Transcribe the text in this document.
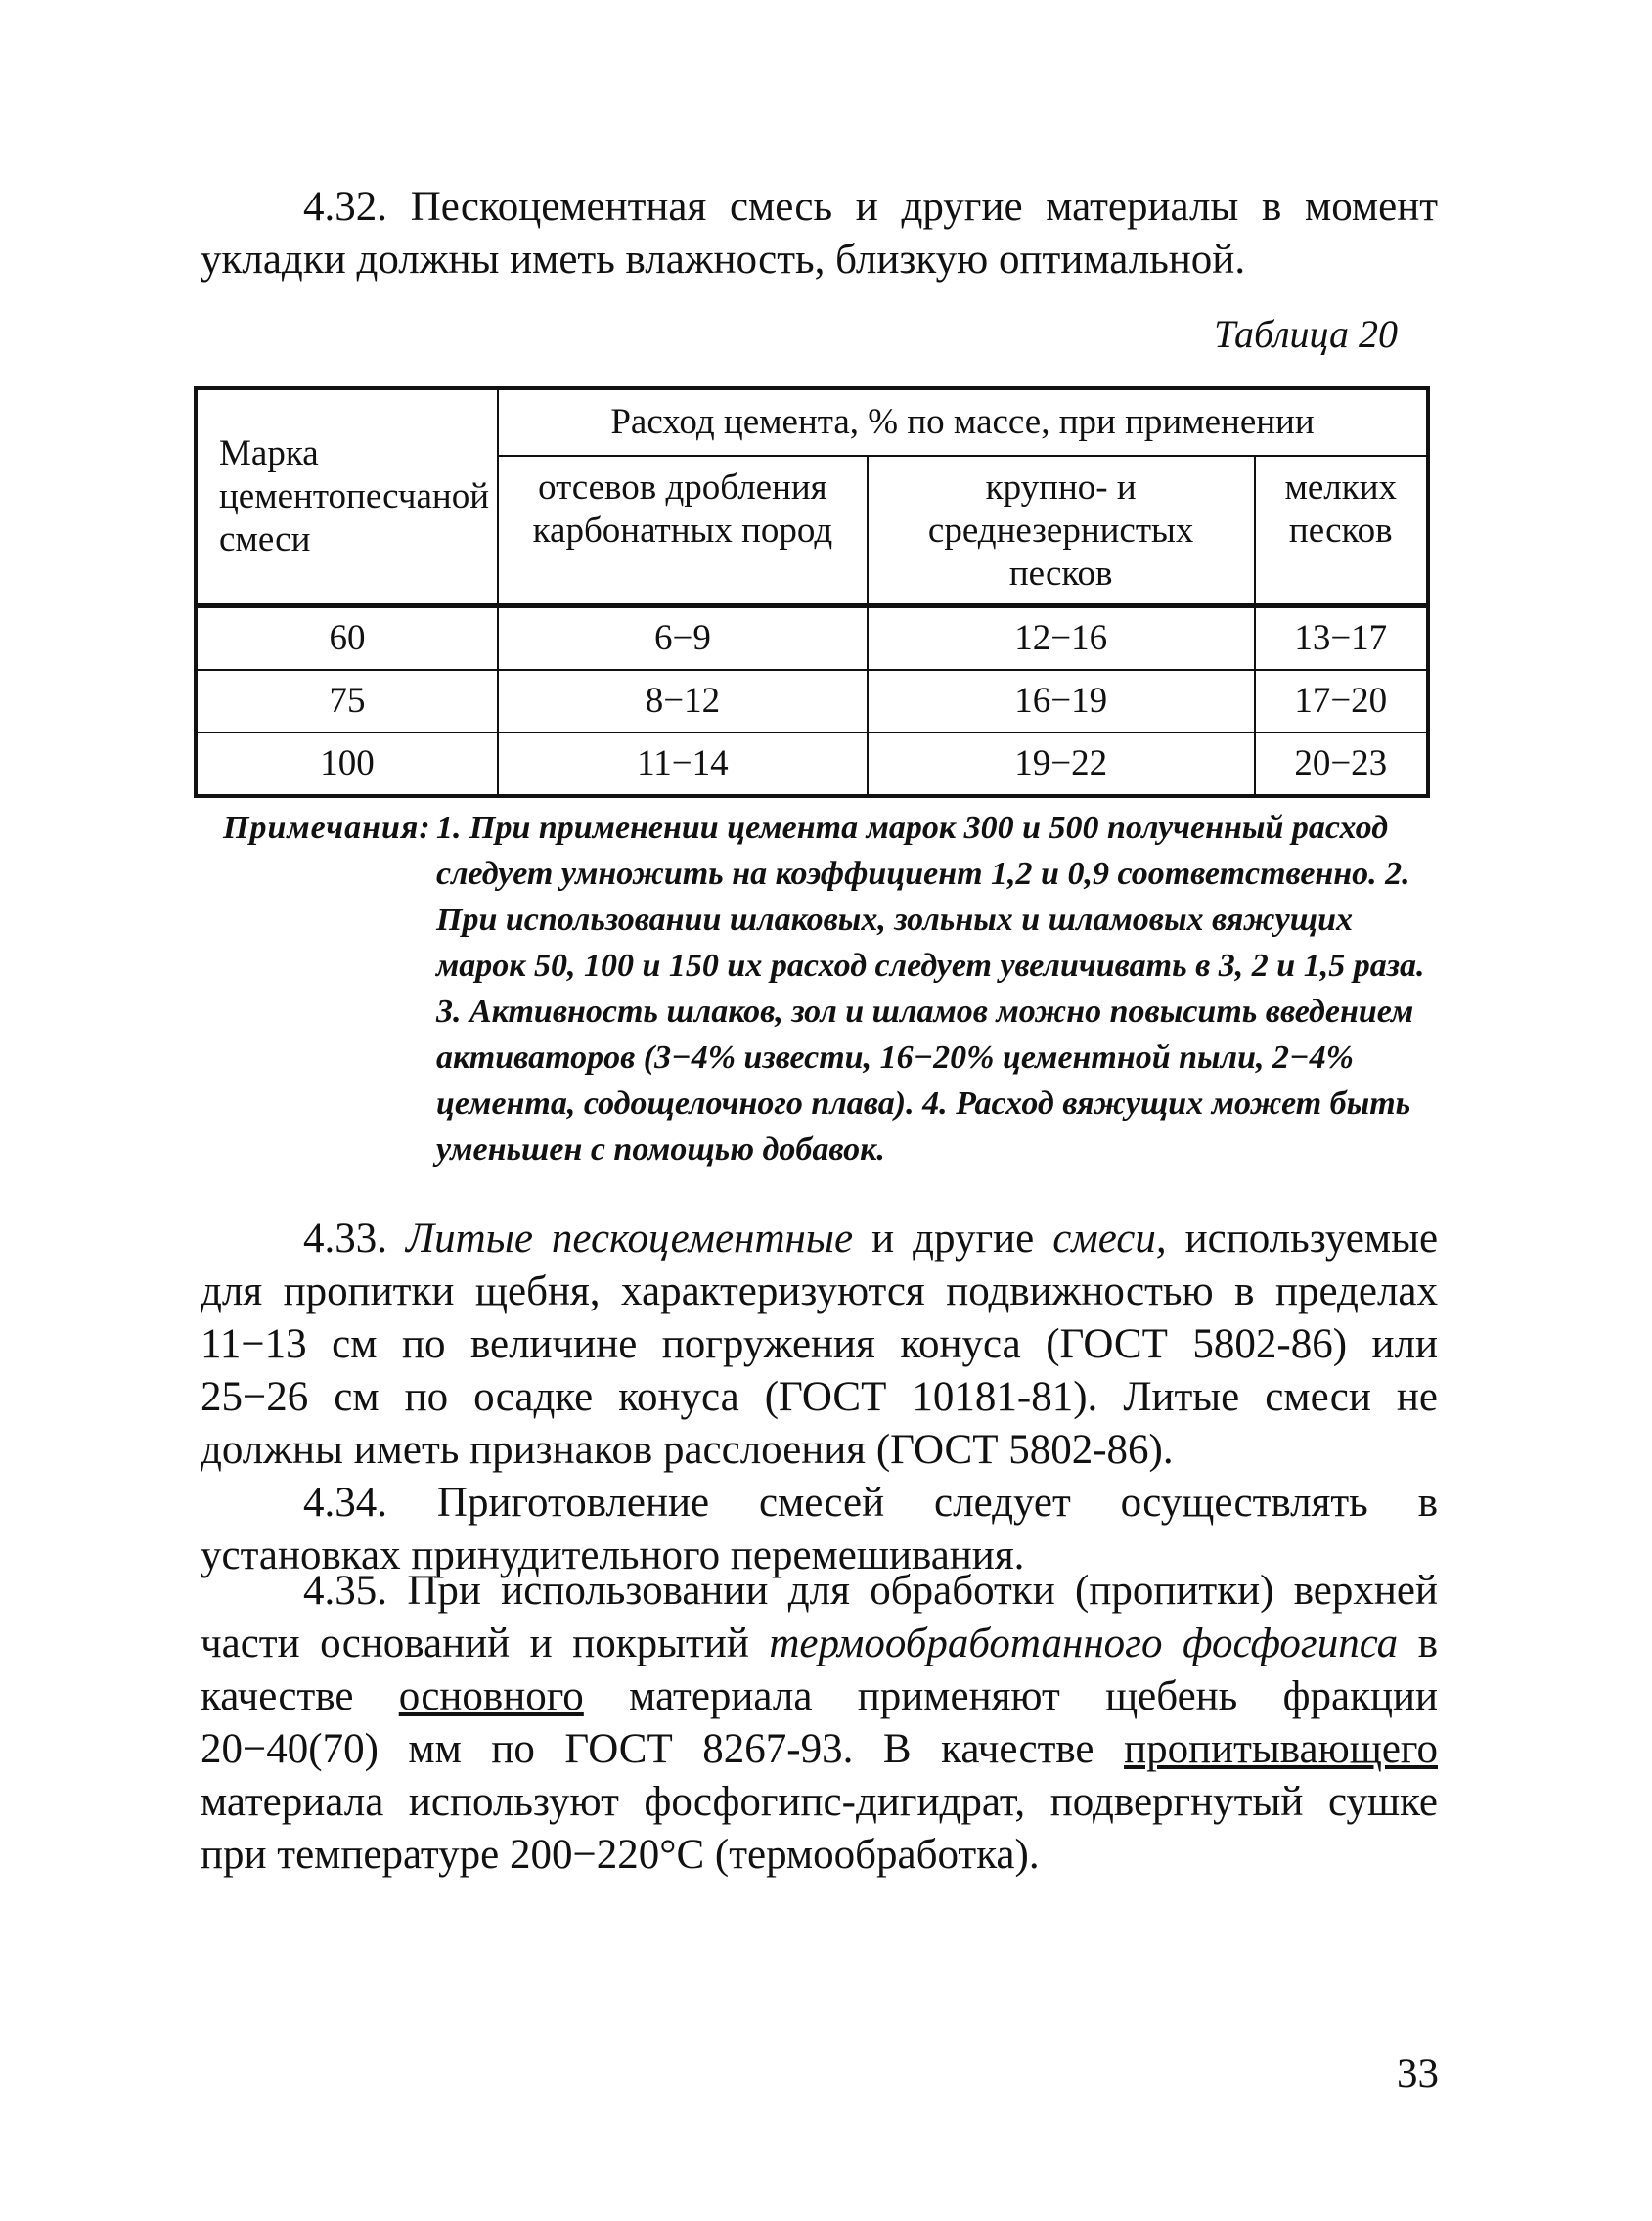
4.32. Пескоцементная смесь и другие материалы в момент укладки должны иметь влажность, близкую оптимальной.

Таблица 20

Марка цементопесчаной смеси	Расход цемента, % по массе, при применении		
	отсевов дробления карбонатных пород	крупно- и среднезернистых песков	мелких песков
60	6−9	12−16	13−17
75	8−12	16−19	17−20
100	11−14	19−22	20−23
Примечания: 1. При применении цемента марок 300 и 500 полученный расход следует умножить на коэффициент 1,2 и 0,9 соответственно. 2. При использовании шлаковых, зольных и шламовых вяжущих марок 50, 100 и 150 их расход следует увеличивать в 3, 2 и 1,5 раза. 3. Активность шлаков, зол и шламов можно повысить введением активаторов (3−4% извести, 16−20% цементной пыли, 2−4% цемента, содощелочного плава). 4. Расход вяжущих может быть уменьшен с помощью добавок.

4.33. Литые пескоцементные и другие смеси, используемые для пропитки щебня, характеризуются подвижностью в пределах 11−13 см по величине погружения конуса (ГОСТ 5802-86) или 25−26 см по осадке конуса (ГОСТ 10181-81). Литые смеси не должны иметь признаков расслоения (ГОСТ 5802-86).

4.34. Приготовление смесей следует осуществлять в установках принудительного перемешивания.

4.35. При использовании для обработки (пропитки) верхней части оснований и покрытий термообработанного фосфогипса в качестве основного материала применяют щебень фракции 20−40(70) мм по ГОСТ 8267-93. В качестве пропитывающего материала используют фосфогипс-дигидрат, подвергнутый сушке при температуре 200−220°С (термообработка).

33
